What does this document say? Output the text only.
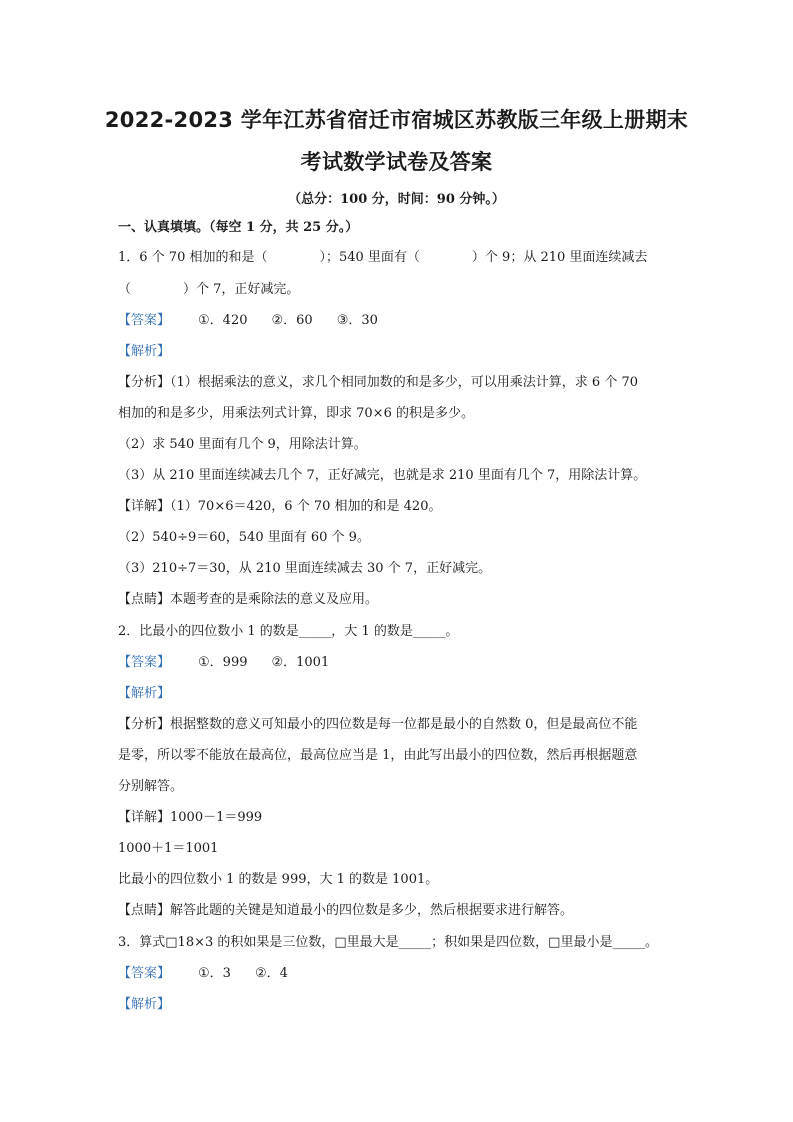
2022-2023 学年江苏省宿迁市宿城区苏教版三年级上册期末
考试数学试卷及答案
（总分：100 分，时间：90 分钟。）
一、认真填填。（每空 1 分，共 25 分。）
1．6 个 70 相加的和是（　　　　）；540 里面有（　　　　）个 9；从 210 里面连续减去
（　　　　）个 7，正好减完。
【答案】 ①．420 ②．60 ③．30
【解析】
【分析】（1）根据乘法的意义，求几个相同加数的和是多少，可以用乘法计算，求 6 个 70
相加的和是多少，用乘法列式计算，即求 70×6 的积是多少。
（2）求 540 里面有几个 9，用除法计算。
（3）从 210 里面连续减去几个 7，正好减完，也就是求 210 里面有几个 7，用除法计算。
【详解】（1）70×6＝420，6 个 70 相加的和是 420。
（2）540÷9＝60，540 里面有 60 个 9。
（3）210÷7＝30，从 210 里面连续减去 30 个 7，正好减完。
【点睛】本题考查的是乘除法的意义及应用。
2．比最小的四位数小 1 的数是_____，大 1 的数是_____。
【答案】 ①．999 ②．1001
【解析】
【分析】根据整数的意义可知最小的四位数是每一位都是最小的自然数 0，但是最高位不能
是零，所以零不能放在最高位，最高位应当是 1，由此写出最小的四位数，然后再根据题意
分别解答。
【详解】1000－1＝999
1000＋1＝1001
比最小的四位数小 1 的数是 999，大 1 的数是 1001。
【点睛】解答此题的关键是知道最小的四位数是多少，然后根据要求进行解答。
3．算式□18×3 的积如果是三位数，□里最大是_____；积如果是四位数，□里最小是_____。
【答案】 ①．3 ②．4
【解析】
